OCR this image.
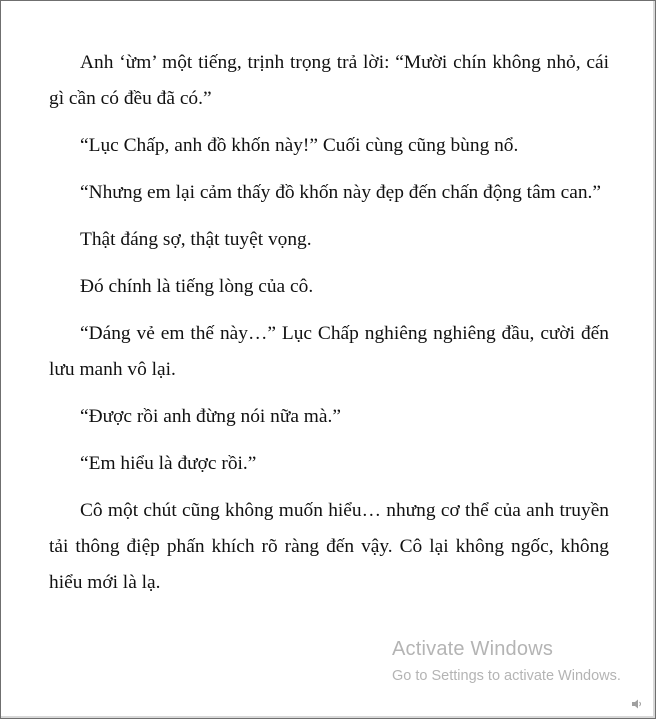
Anh ‘ừm’ một tiếng, trịnh trọng trả lời: “Mười chín không nhỏ, cái gì cần có đều đã có.”

“Lục Chấp, anh đồ khốn này!” Cuối cùng cũng bùng nổ.

“Nhưng em lại cảm thấy đồ khốn này đẹp đến chấn động tâm can.”

Thật đáng sợ, thật tuyệt vọng.

Đó chính là tiếng lòng của cô.

“Dáng vẻ em thế này…” Lục Chấp nghiêng nghiêng đầu, cười đến lưu manh vô lại.

“Được rồi anh đừng nói nữa mà.”

“Em hiểu là được rồi.”

Cô một chút cũng không muốn hiểu… nhưng cơ thể của anh truyền tải thông điệp phấn khích rõ ràng đến vậy. Cô lại không ngốc, không hiểu mới là lạ.

Activate Windows
Go to Settings to activate Windows.
